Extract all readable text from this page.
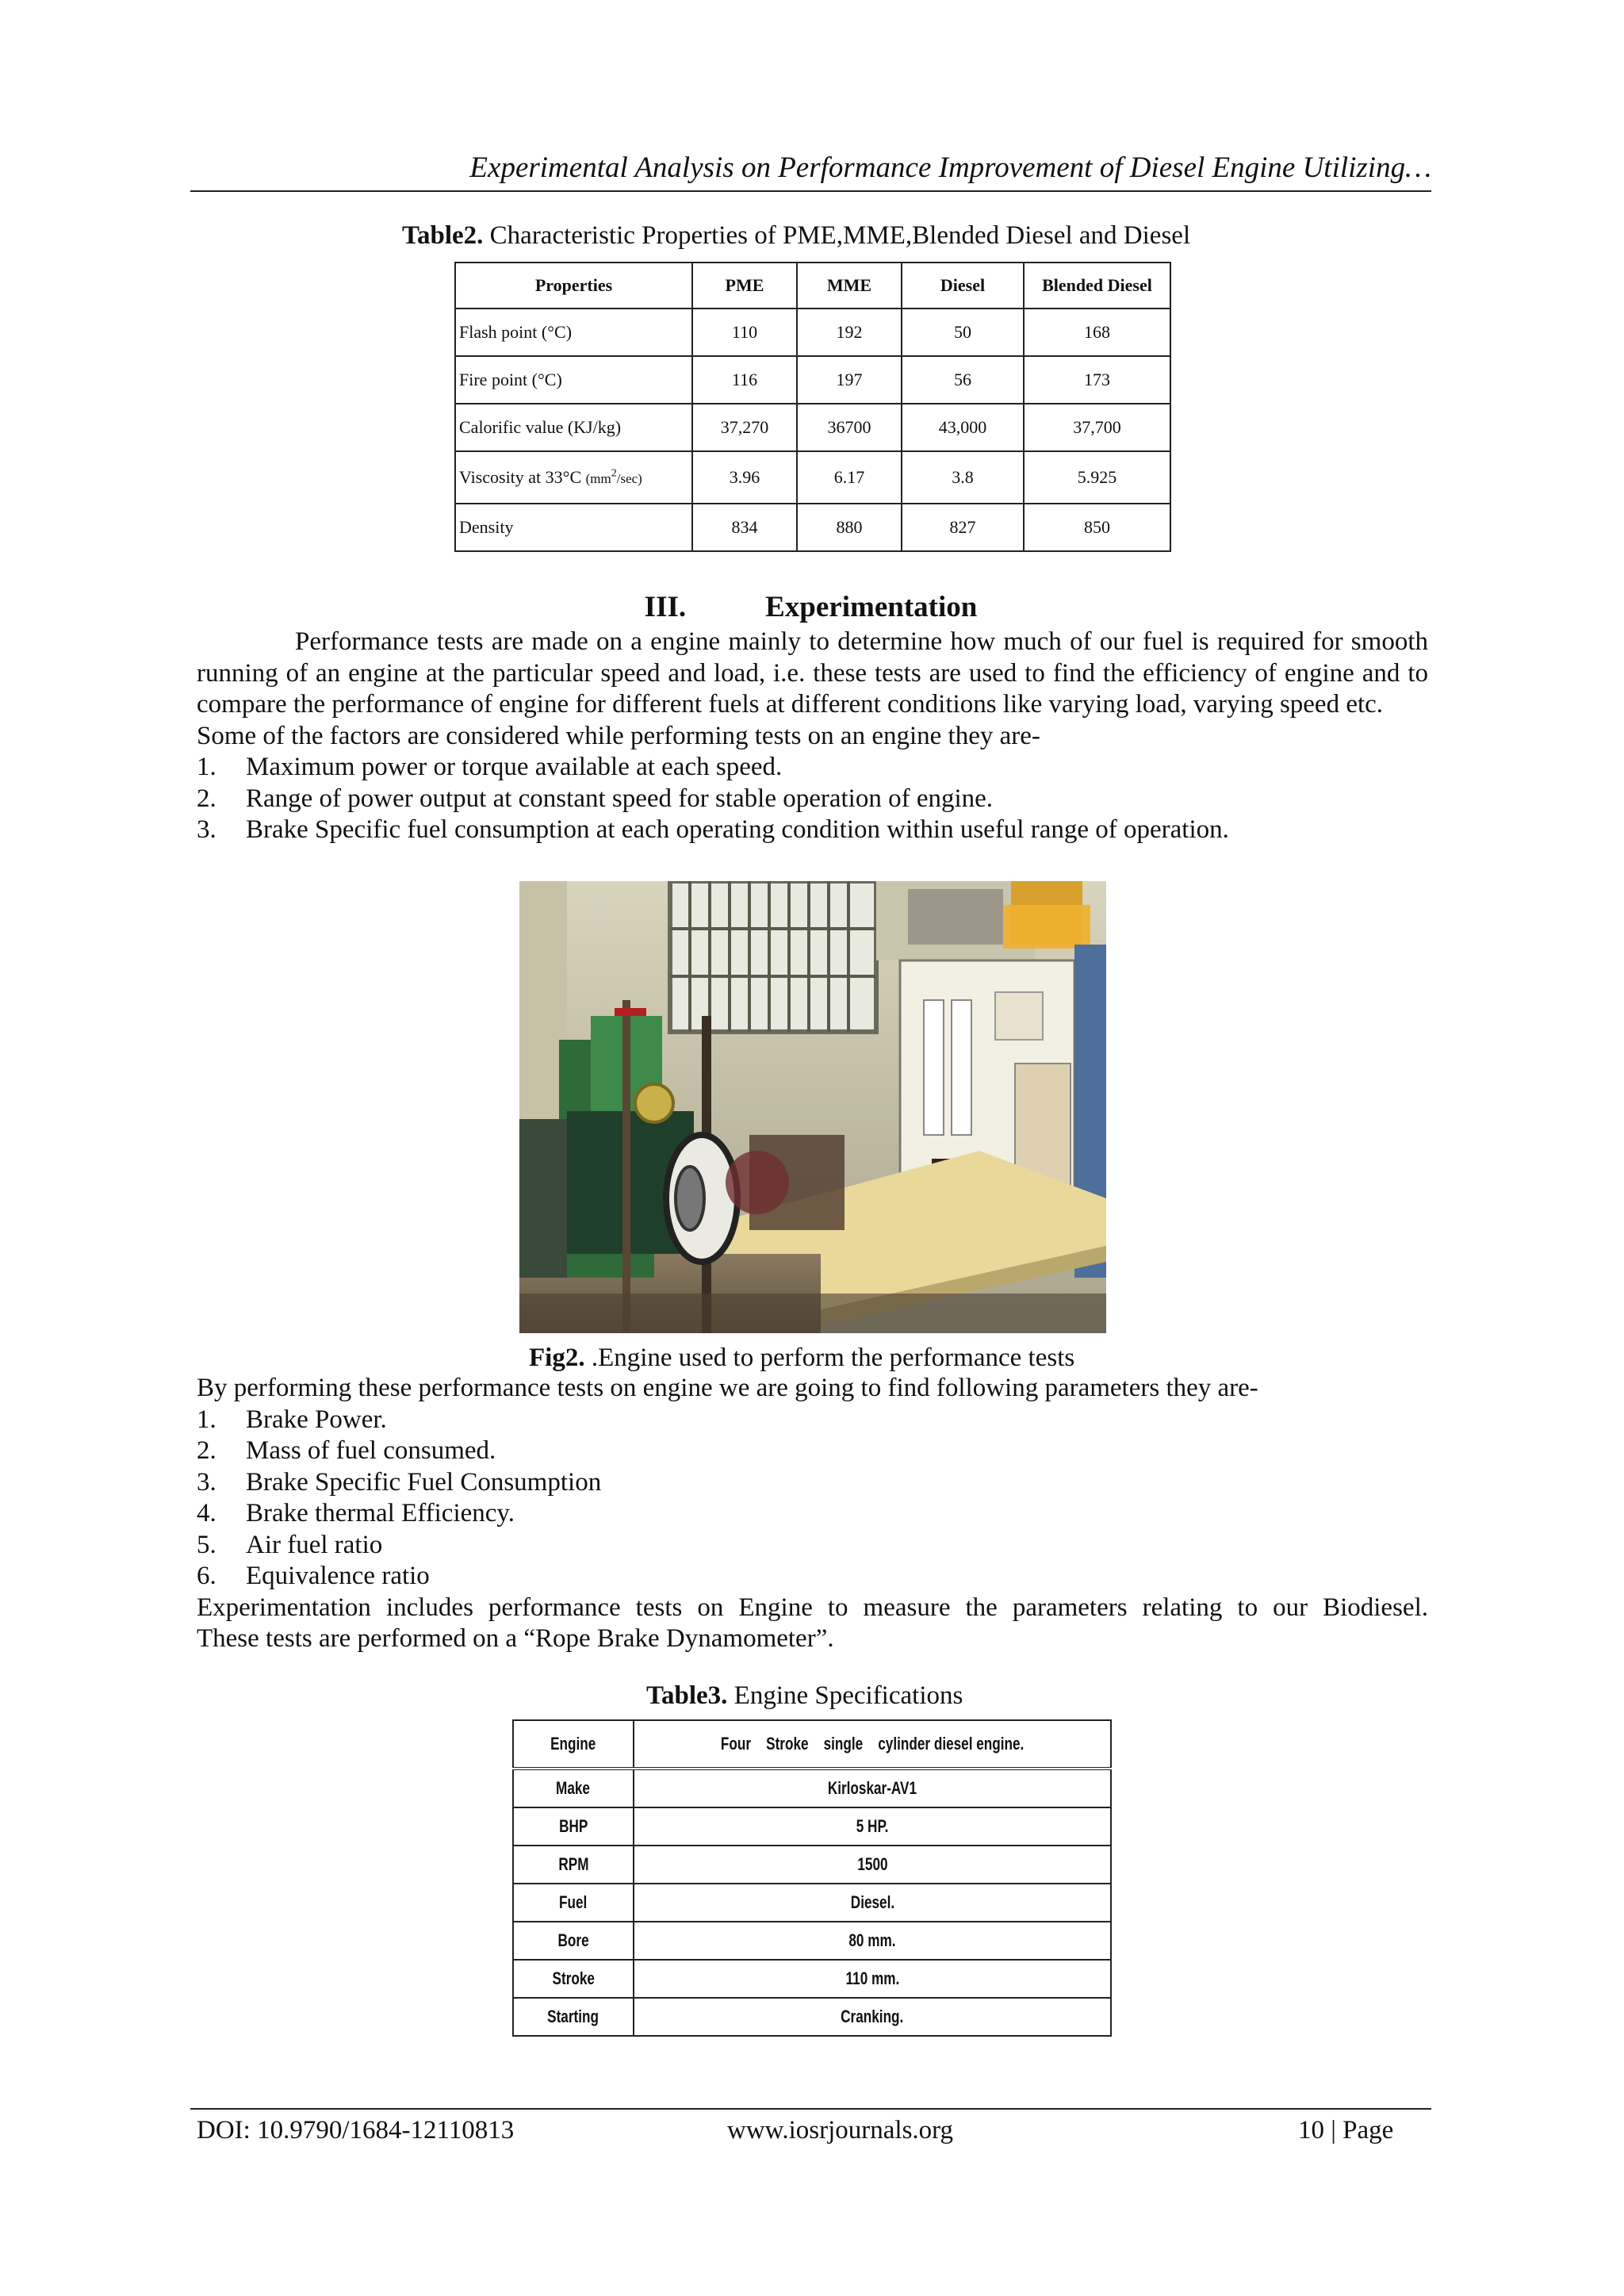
Experimental Analysis on Performance Improvement of Diesel Engine Utilizing…
Table2. Characteristic Properties of PME,MME,Blended Diesel and Diesel
Properties	PME	MME	Diesel	Blended Diesel
Flash point (°C)	110	192	50	168
Fire point (°C)	116	197	56	173
Calorific value (KJ/kg)	37,270	36700	43,000	37,700
Viscosity at 33°C $(mm^2/\sec)$	3.96	6.17	3.8	5.925
Density	834	880	827	850
III.	Experimentation

Performance tests are made on a engine mainly to determine how much of our fuel is required for smooth running of an engine at the particular speed and load, i.e. these tests are used to find the efficiency of engine and to compare the performance of engine for different fuels at different conditions like varying load, varying speed etc.

Some of the factors are considered while performing tests on an engine they are-

1. Maximum power or torque available at each speed.
2. Range of power output at constant speed for stable operation of engine.
3. Brake Specific fuel consumption at each operating condition within useful range of operation.
Fig2. .Engine used to perform the performance tests

By performing these performance tests on engine we are going to find following parameters they are-

1. Brake Power.
2. Mass of fuel consumed.
3. Brake Specific Fuel Consumption
4. Brake thermal Efficiency.
5. Air fuel ratio
6. Equivalence ratio

Experimentation includes performance tests on Engine to measure the parameters relating to our Biodiesel.

These tests are performed on a “Rope Brake Dynamometer”.

Table3. Engine Specifications
Engine	Four    Stroke    single    cylinder diesel engine.
Make	Kirloskar-AV1
BHP	5 HP.
RPM	1500
Fuel	Diesel.
Bore	80 mm.
Stroke	110 mm.
Starting	Cranking.
DOI: 10.9790/1684-12110813	www.iosrjournals.org	10 | Page
